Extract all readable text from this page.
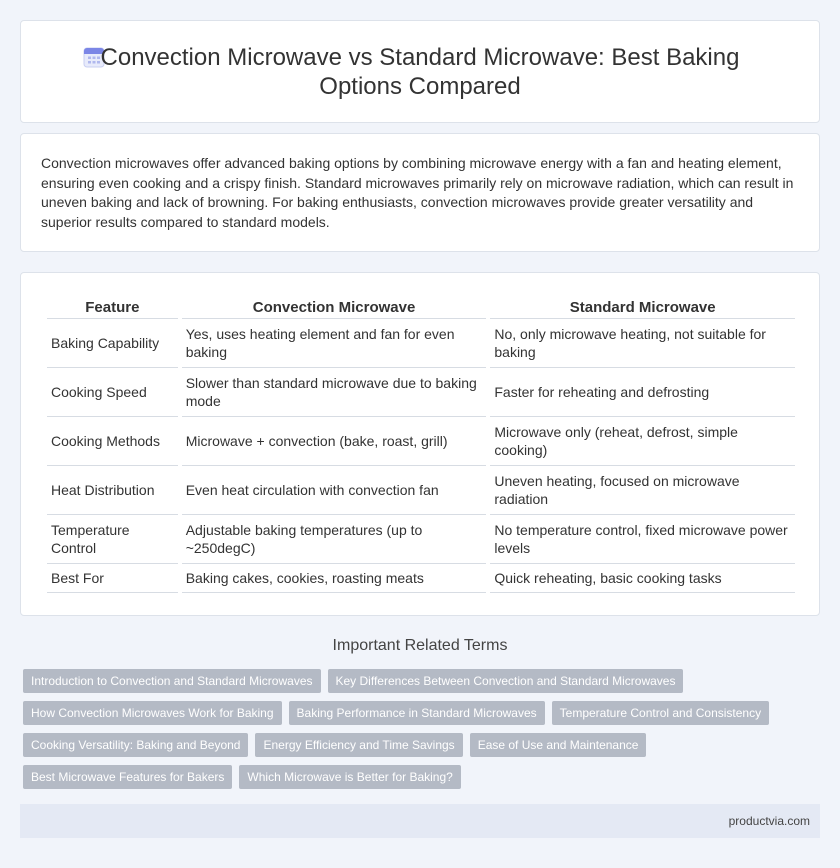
Convection Microwave vs Standard Microwave: Best Baking Options Compared

Convection microwaves offer advanced baking options by combining microwave energy with a fan and heating element, ensuring even cooking and a crispy finish. Standard microwaves primarily rely on microwave radiation, which can result in uneven baking and lack of browning. For baking enthusiasts, convection microwaves provide greater versatility and superior results compared to standard models.

Feature	Convection Microwave	Standard Microwave
Baking Capability	Yes, uses heating element and fan for even baking	No, only microwave heating, not suitable for baking
Cooking Speed	Slower than standard microwave due to baking mode	Faster for reheating and defrosting
Cooking Methods	Microwave + convection (bake, roast, grill)	Microwave only (reheat, defrost, simple cooking)
Heat Distribution	Even heat circulation with convection fan	Uneven heating, focused on microwave radiation
Temperature Control	Adjustable baking temperatures (up to ~250degC)	No temperature control, fixed microwave power levels
Best For	Baking cakes, cookies, roasting meats	Quick reheating, basic cooking tasks
Important Related Terms
Introduction to Convection and Standard Microwaves	Key Differences Between Convection and Standard Microwaves
How Convection Microwaves Work for Baking	Baking Performance in Standard Microwaves	Temperature Control and Consistency
Cooking Versatility: Baking and Beyond	Energy Efficiency and Time Savings	Ease of Use and Maintenance
Best Microwave Features for Bakers	Which Microwave is Better for Baking?
productvia.com
